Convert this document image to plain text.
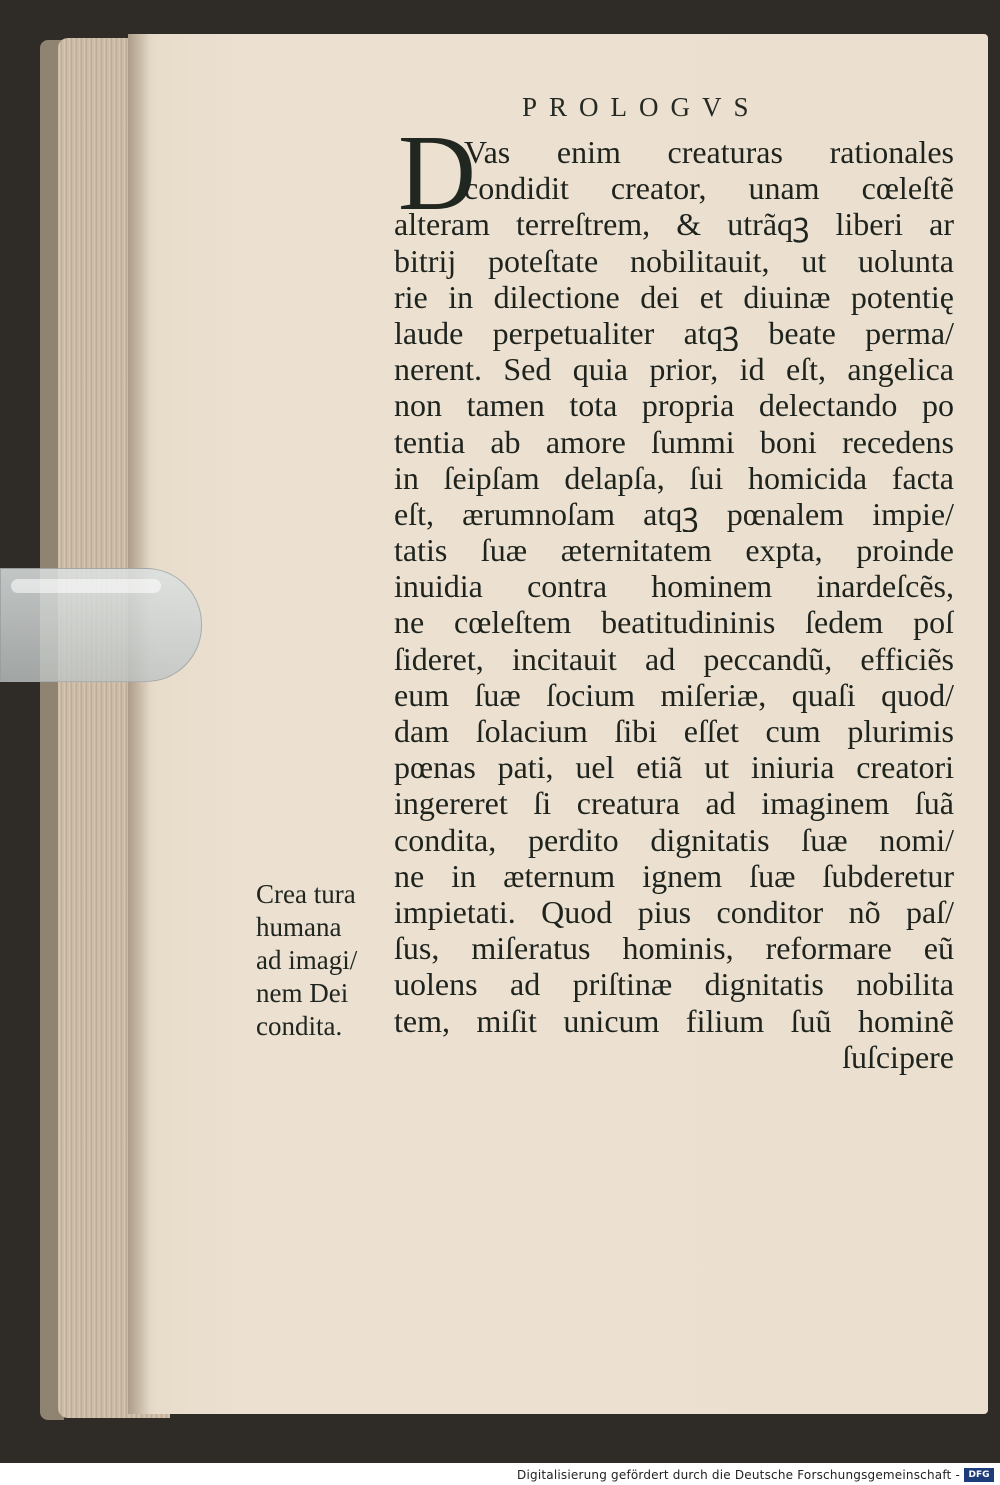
PROLOGVS
D
Vas enim creaturas rationales
condidit creator, unam cœleſtẽ
alteram terreſtrem, & utrãqꝫ liberi ar
bitrij poteſtate nobilitauit, ut uolunta
rie in dilectione dei et diuinæ potentię
laude perpetualiter atqꝫ beate perma/
nerent. Sed quia prior, id eſt, angelica
non tamen tota propria delectando po
tentia ab amore ſummi boni recedens
in ſeipſam delapſa, ſui homicida facta
eſt, ærumnoſam atqꝫ pœnalem impie/
tatis ſuæ æternitatem expta, proinde
inuidia contra hominem inardeſcẽs,
ne cœleſtem beatitudininis ſedem poſ
ſideret, incitauit ad peccandũ, efficiẽs
eum ſuæ ſocium miſeriæ, quaſi quod/
dam ſolacium ſibi eſſet cum plurimis
pœnas pati, uel etiã ut iniuria creatori
ingereret ſi creatura ad imaginem ſuã
condita, perdito dignitatis ſuæ nomi/
ne in æternum ignem ſuæ ſubderetur
impietati. Quod pius conditor nõ paſ/
ſus, miſeratus hominis, reformare eũ
uolens ad priſtinæ dignitatis nobilita
tem, miſit unicum filium ſuũ hominẽ
ſuſcipere
Crea tura
humana
ad imagi/
nem Dei
condita.
Digitalisierung gefördert durch die Deutsche Forschungsgemeinschaft - DFG
